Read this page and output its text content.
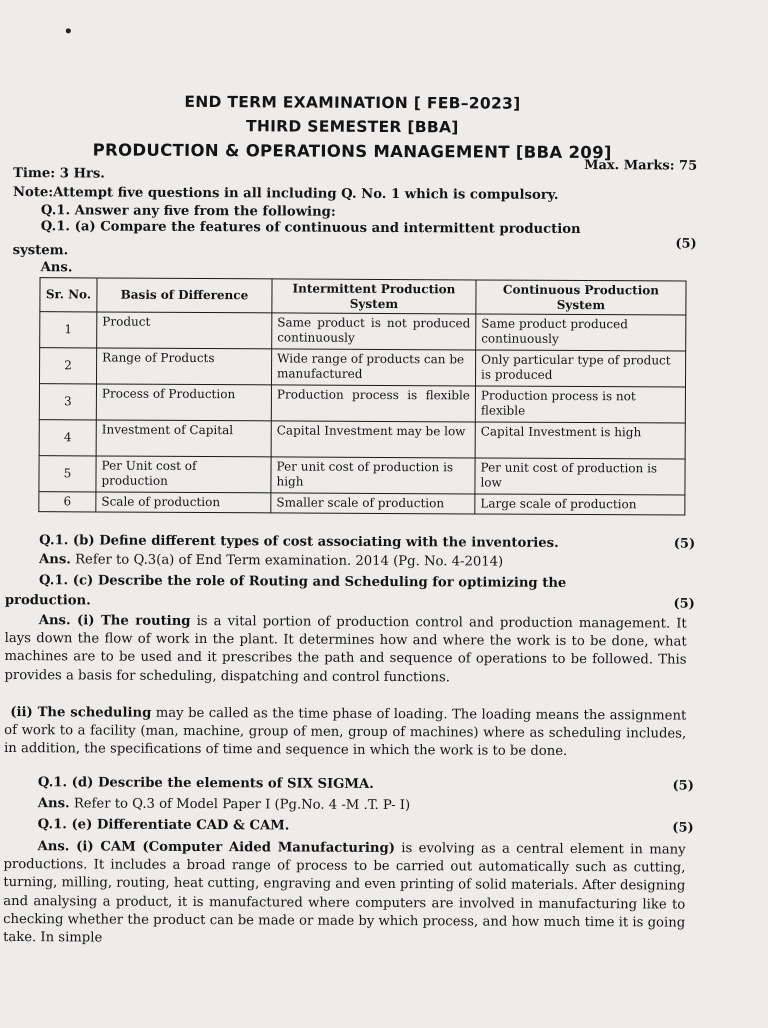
END TERM EXAMINATION [ FEB–2023]
THIRD SEMESTER [BBA]
PRODUCTION & OPERATIONS MANAGEMENT [BBA 209]
Time: 3 Hrs.
Max. Marks: 75
Note:Attempt five questions in all including Q. No. 1 which is compulsory.
Q.1. Answer any five from the following:
Q.1. (a) Compare the features of continuous and intermittent production
system.	(5)
Ans.
Sr. No.	Basis of Difference	Intermittent Production System	Continuous Production System
1	Product	Same product is not produced continuously	Same product produced continuously
2	Range of Products	Wide range of products can be manufactured	Only particular type of product is produced
3	Process of Production	Production process is flexible	Production process is not flexible
4	Investment of Capital	Capital Investment may be low	Capital Investment is high
5	Per Unit cost of production	Per unit cost of production is high	Per unit cost of production is low
6	Scale of production	Smaller scale of production	Large scale of production
Q.1. (b) Define different types of cost associating with the inventories.	(5)
Ans. Refer to Q.3(a) of End Term examination. 2014 (Pg. No. 4-2014)
Q.1. (c) Describe the role of Routing and Scheduling for optimizing the
production.	(5)
Ans. (i) The routing is a vital portion of production control and production management. It lays down the flow of work in the plant. It determines how and where the work is to be done, what machines are to be used and it prescribes the path and sequence of operations to be followed. This provides a basis for scheduling, dispatching and control functions.
(ii) The scheduling may be called as the time phase of loading. The loading means the assignment of work to a facility (man, machine, group of men, group of machines) where as scheduling includes, in addition, the specifications of time and sequence in which the work is to be done.
Q.1. (d) Describe the elements of SIX SIGMA.	(5)
Ans. Refer to Q.3 of Model Paper I (Pg.No. 4 -M .T. P- I)
Q.1. (e) Differentiate CAD & CAM.	(5)
Ans. (i) CAM (Computer Aided Manufacturing) is evolving as a central element in many productions. It includes a broad range of process to be carried out automatically such as cutting, turning, milling, routing, heat cutting, engraving and even printing of solid materials. After designing and analysing a product, it is manufactured where computers are involved in manufacturing like to checking whether the product can be made or made by which process, and how much time it is going take. In simple
